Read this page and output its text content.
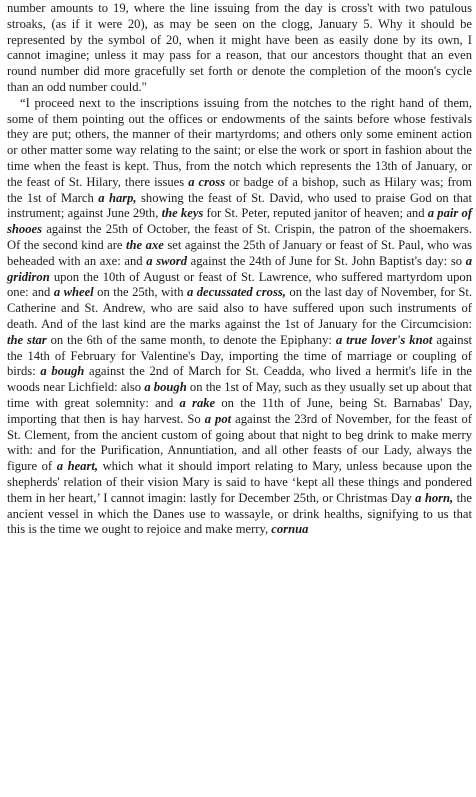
number amounts to 19, where the line issuing from the day is cross't with two patulous stroaks, (as if it were 20), as may be seen on the clogg, January 5. Why it should be represented by the symbol of 20, when it might have been as easily done by its own, I cannot imagine; unless it may pass for a reason, that our ancestors thought that an even round number did more gracefully set forth or denote the completion of the moon's cycle than an odd number could."

“I proceed next to the inscriptions issuing from the notches to the right hand of them, some of them pointing out the offices or endowments of the saints before whose festivals they are put; others, the manner of their martyrdoms; and others only some eminent action or other matter some way relating to the saint; or else the work or sport in fashion about the time when the feast is kept. Thus, from the notch which represents the 13th of January, or the feast of St. Hilary, there issues a cross or badge of a bishop, such as Hilary was; from the 1st of March a harp, showing the feast of St. David, who used to praise God on that instrument; against June 29th, the keys for St. Peter, reputed janitor of heaven; and a pair of shooes against the 25th of October, the feast of St. Crispin, the patron of the shoemakers. Of the second kind are the axe set against the 25th of January or feast of St. Paul, who was beheaded with an axe: and a sword against the 24th of June for St. John Baptist's day: so a gridiron upon the 10th of August or feast of St. Lawrence, who suffered martyrdom upon one: and a wheel on the 25th, with a decussated cross, on the last day of November, for St. Catherine and St. Andrew, who are said also to have suffered upon such instruments of death. And of the last kind are the marks against the 1st of January for the Circumcision: the star on the 6th of the same month, to denote the Epiphany: a true lover's knot against the 14th of February for Valentine's Day, importing the time of marriage or coupling of birds: a bough against the 2nd of March for St. Ceadda, who lived a hermit's life in the woods near Lichfield: also a bough on the 1st of May, such as they usually set up about that time with great solemnity: and a rake on the 11th of June, being St. Barnabas' Day, importing that then is hay harvest. So a pot against the 23rd of November, for the feast of St. Clement, from the ancient custom of going about that night to beg drink to make merry with: and for the Purification, Annuntiation, and all other feasts of our Lady, always the figure of a heart, which what it should import relating to Mary, unless because upon the shepherds' relation of their vision Mary is said to have ‘kept all these things and pondered them in her heart,’ I cannot imagin: lastly for December 25th, or Christmas Day a horn, the ancient vessel in which the Danes use to wassayle, or drink healths, signifying to us that this is the time we ought to rejoice and make merry, cornua
